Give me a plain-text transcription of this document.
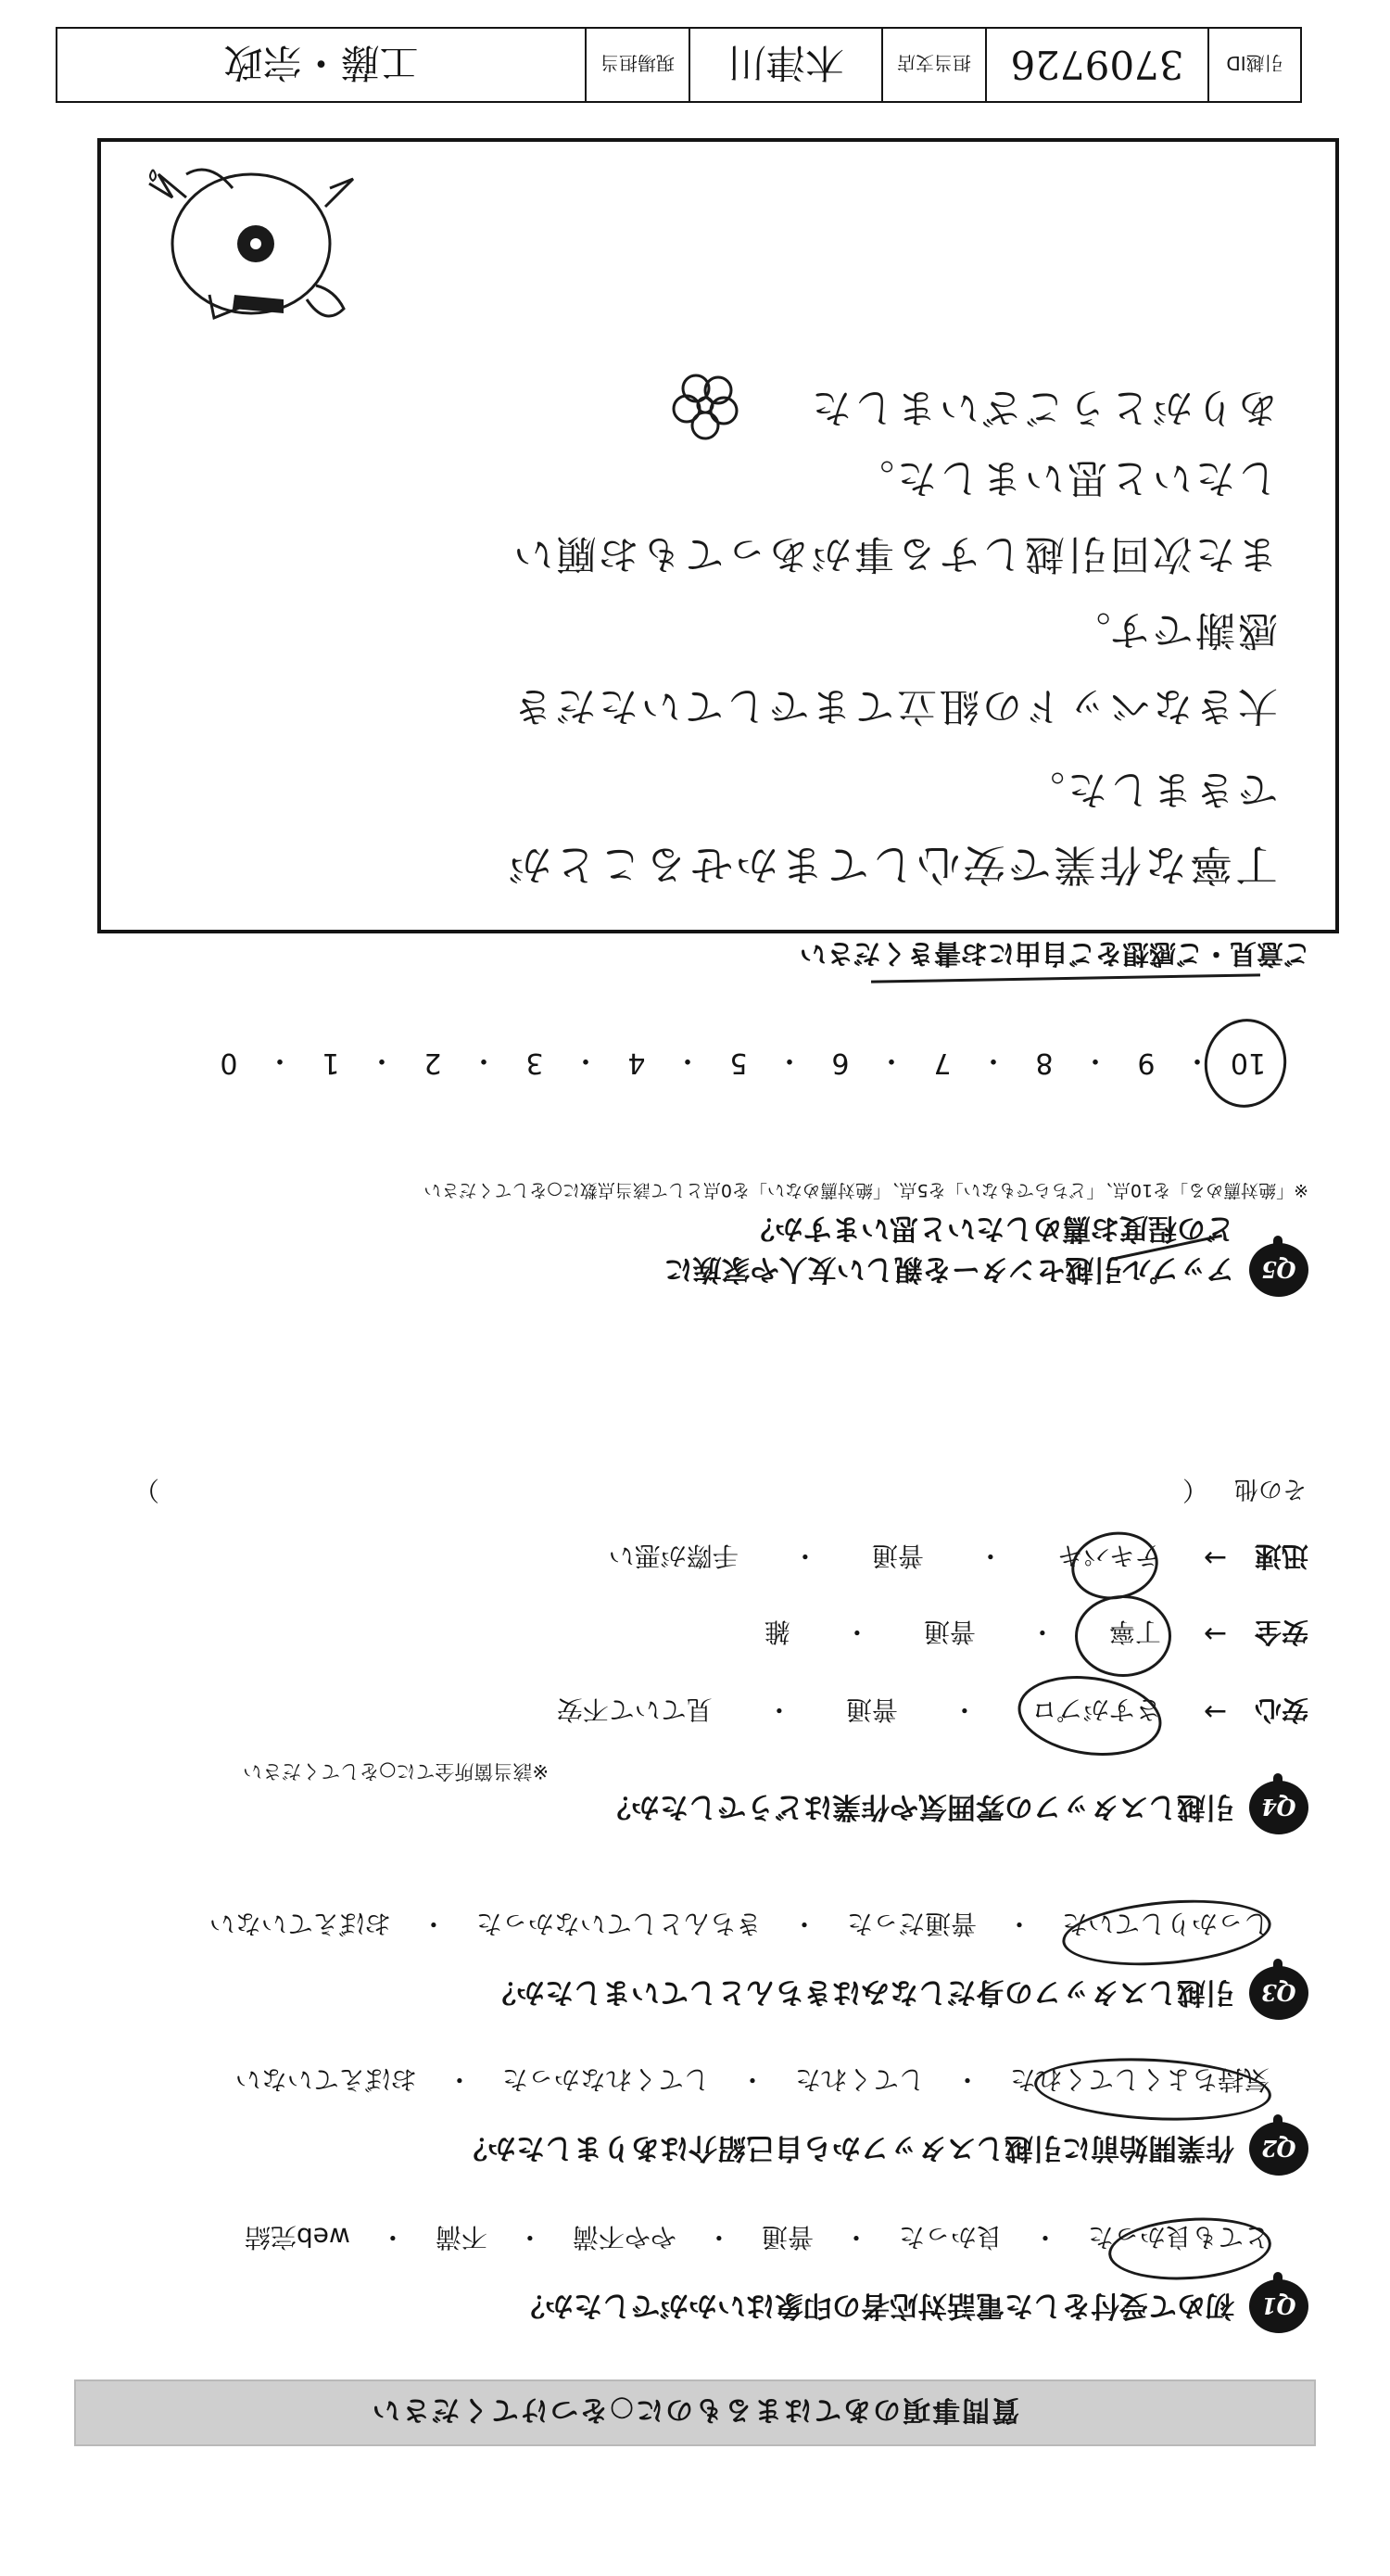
質問事項のあてはまるものに○をつけてください
Q1
初めて受付をした電話対応者の印象はいかがでしたか？
とても良かった
・
良かった
・
普通
・
やや不満
・
不満
・
web完結
Q2
作業開始前に引越しスタッフから自己紹介はありましたか？
気持ちよくしてくれた
・
してくれた
・
してくれなかった
・
おぼえていない
Q3
引越しスタッフの身だしなみはきちんとしていましたか？
しっかりしていた
・
普通だった
・
きちんとしていなかった
・
おぼえていない
Q4
引越しスタッフの雰囲気や作業はどうでしたか？
※該当箇所全てに○をしてください
安心
→
さすがプロ
・
普通
・
見ていて不安
安全
→
丁寧
・
普通
・
雑
迅速
→
テキパキ
・
普通
・
手際が悪い
その他
（
）
Q5
アップル引越センターを親しい友人や家族に
どの程度お薦めしたいと思いますか？
※「絶対薦める」を10点、「どちらでもない」を5点、「絶対薦めない」を0点として該当点数に○をしてください
10
・
9
・
8
・
7
・
6
・
5
・
4
・
3
・
2
・
1
・
0
ご意見・ご感想をご自由にお書きください
丁寧な作業で安心してまかせることが
できました。
大きなベッドの組立てまでしていただき
感謝です。
また次回引越しする事があってもお願い
したいと思いました。
ありがとうございました
引越ID
3709726
担当支店
木津川
現場担当
工藤・宗政
